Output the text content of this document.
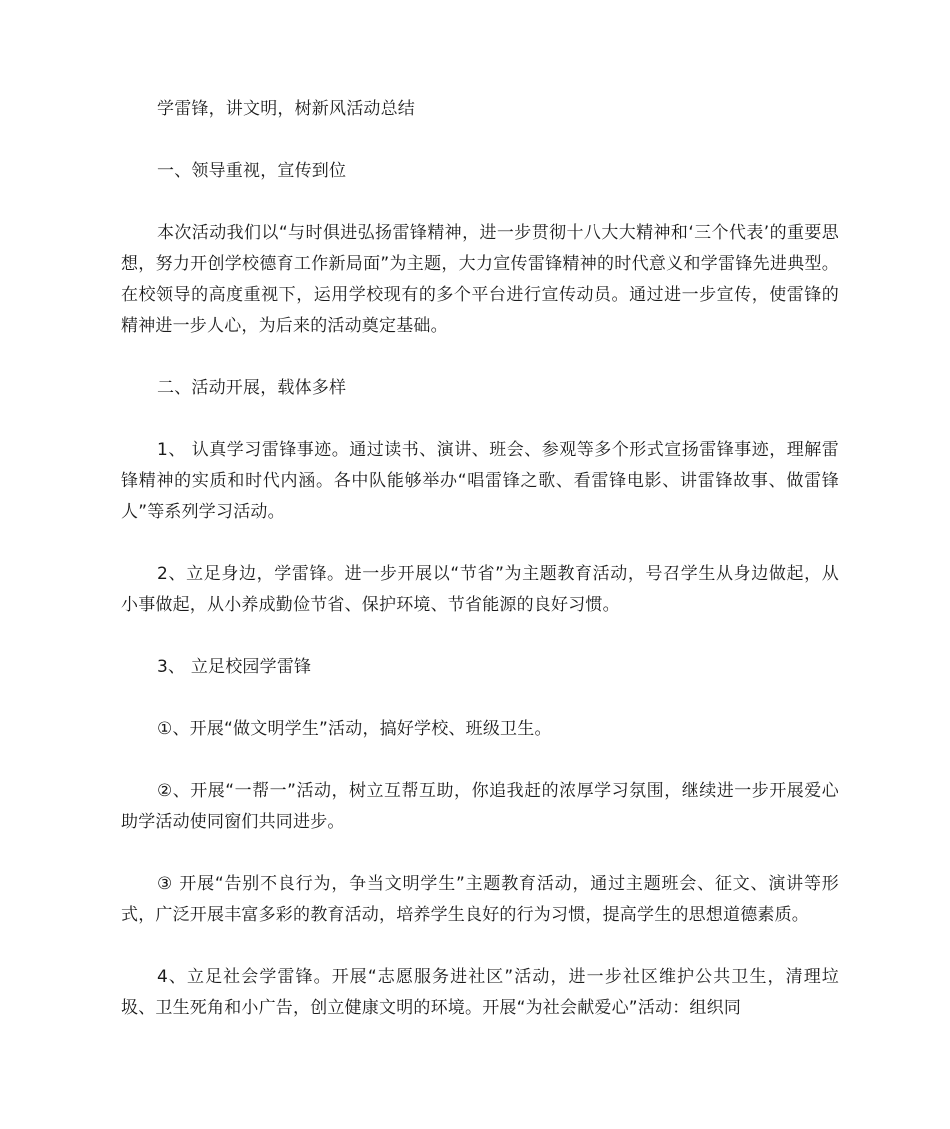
学雷锋，讲文明，树新风活动总结

一、领导重视，宣传到位

本次活动我们以“与时俱进弘扬雷锋精神，进一步贯彻十八大大精神和‘三个代表’的重要思想，努力开创学校德育工作新局面”为主题，大力宣传雷锋精神的时代意义和学雷锋先进典型。在校领导的高度重视下，运用学校现有的多个平台进行宣传动员。通过进一步宣传，使雷锋的精神进一步人心，为后来的活动奠定基础。

二、活动开展，载体多样

1、 认真学习雷锋事迹。通过读书、演讲、班会、参观等多个形式宣扬雷锋事迹，理解雷锋精神的实质和时代内涵。各中队能够举办“唱雷锋之歌、看雷锋电影、讲雷锋故事、做雷锋人”等系列学习活动。

2、立足身边，学雷锋。进一步开展以“节省”为主题教育活动，号召学生从身边做起，从小事做起，从小养成勤俭节省、保护环境、节省能源的良好习惯。

3、 立足校园学雷锋

①、开展“做文明学生”活动，搞好学校、班级卫生。

②、开展“一帮一”活动，树立互帮互助，你追我赶的浓厚学习氛围，继续进一步开展爱心助学活动使同窗们共同进步。

③ 开展“告别不良行为，争当文明学生”主题教育活动，通过主题班会、征文、演讲等形式，广泛开展丰富多彩的教育活动，培养学生良好的行为习惯，提高学生的思想道德素质。

4、立足社会学雷锋。开展“志愿服务进社区”活动，进一步社区维护公共卫生，清理垃圾、卫生死角和小广告，创立健康文明的环境。开展“为社会献爱心”活动：组织同
